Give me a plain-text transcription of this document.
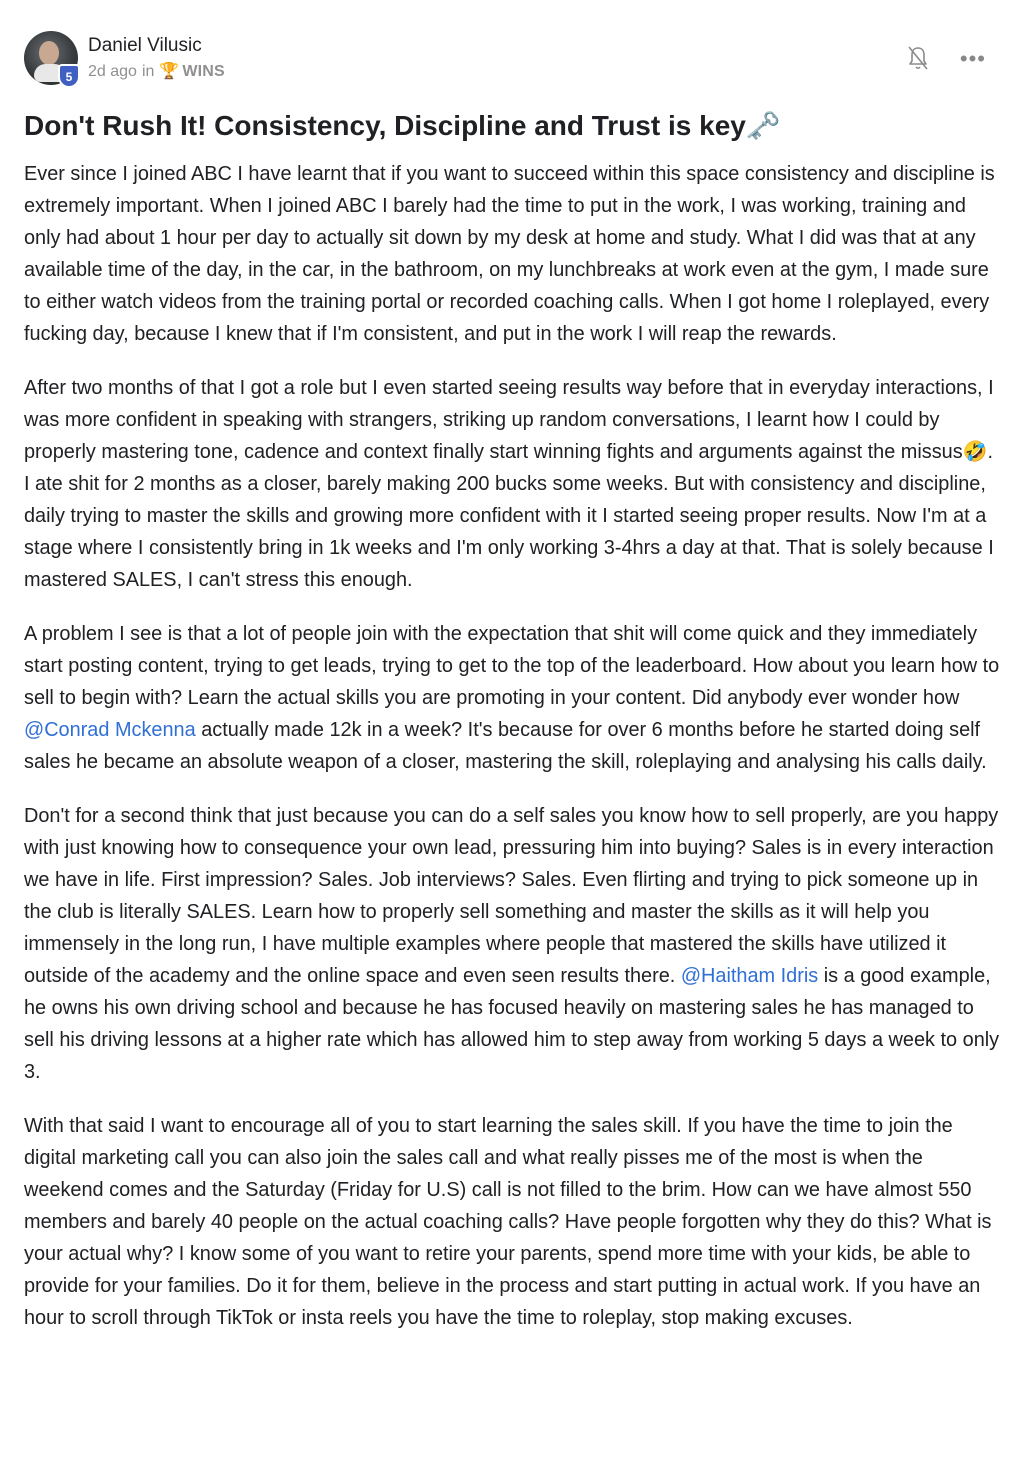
5
Daniel Vilusic
2d ago in 🏆 WINS
•••
Don't Rush It! Consistency, Discipline and Trust is key🗝️

Ever since I joined ABC I have learnt that if you want to succeed within this space consistency and discipline is extremely important. When I joined ABC I barely had the time to put in the work, I was working, training and only had about 1 hour per day to actually sit down by my desk at home and study. What I did was that at any available time of the day, in the car, in the bathroom, on my lunchbreaks at work even at the gym, I made sure to either watch videos from the training portal or recorded coaching calls. When I got home I roleplayed, every fucking day, because I knew that if I'm consistent, and put in the work I will reap the rewards.

After two months of that I got a role but I even started seeing results way before that in everyday interactions, I was more confident in speaking with strangers, striking up random conversations, I learnt how I could by properly mastering tone, cadence and context finally start winning fights and arguments against the missus🤣. I ate shit for 2 months as a closer, barely making 200 bucks some weeks. But with consistency and discipline, daily trying to master the skills and growing more confident with it I started seeing proper results. Now I'm at a stage where I consistently bring in 1k weeks and I'm only working 3-4hrs a day at that. That is solely because I mastered SALES, I can't stress this enough.

A problem I see is that a lot of people join with the expectation that shit will come quick and they immediately start posting content, trying to get leads, trying to get to the top of the leaderboard. How about you learn how to sell to begin with? Learn the actual skills you are promoting in your content. Did anybody ever wonder how @Conrad Mckenna actually made 12k in a week? It's because for over 6 months before he started doing self sales he became an absolute weapon of a closer, mastering the skill, roleplaying and analysing his calls daily.

Don't for a second think that just because you can do a self sales you know how to sell properly, are you happy with just knowing how to consequence your own lead, pressuring him into buying? Sales is in every interaction we have in life. First impression? Sales. Job interviews? Sales. Even flirting and trying to pick someone up in the club is literally SALES. Learn how to properly sell something and master the skills as it will help you immensely in the long run, I have multiple examples where people that mastered the skills have utilized it outside of the academy and the online space and even seen results there. @Haitham Idris is a good example, he owns his own driving school and because he has focused heavily on mastering sales he has managed to sell his driving lessons at a higher rate which has allowed him to step away from working 5 days a week to only 3.

With that said I want to encourage all of you to start learning the sales skill. If you have the time to join the digital marketing call you can also join the sales call and what really pisses me of the most is when the weekend comes and the Saturday (Friday for U.S) call is not filled to the brim. How can we have almost 550 members and barely 40 people on the actual coaching calls? Have people forgotten why they do this? What is your actual why? I know some of you want to retire your parents, spend more time with your kids, be able to provide for your families. Do it for them, believe in the process and start putting in actual work. If you have an hour to scroll through TikTok or insta reels you have the time to roleplay, stop making excuses.
